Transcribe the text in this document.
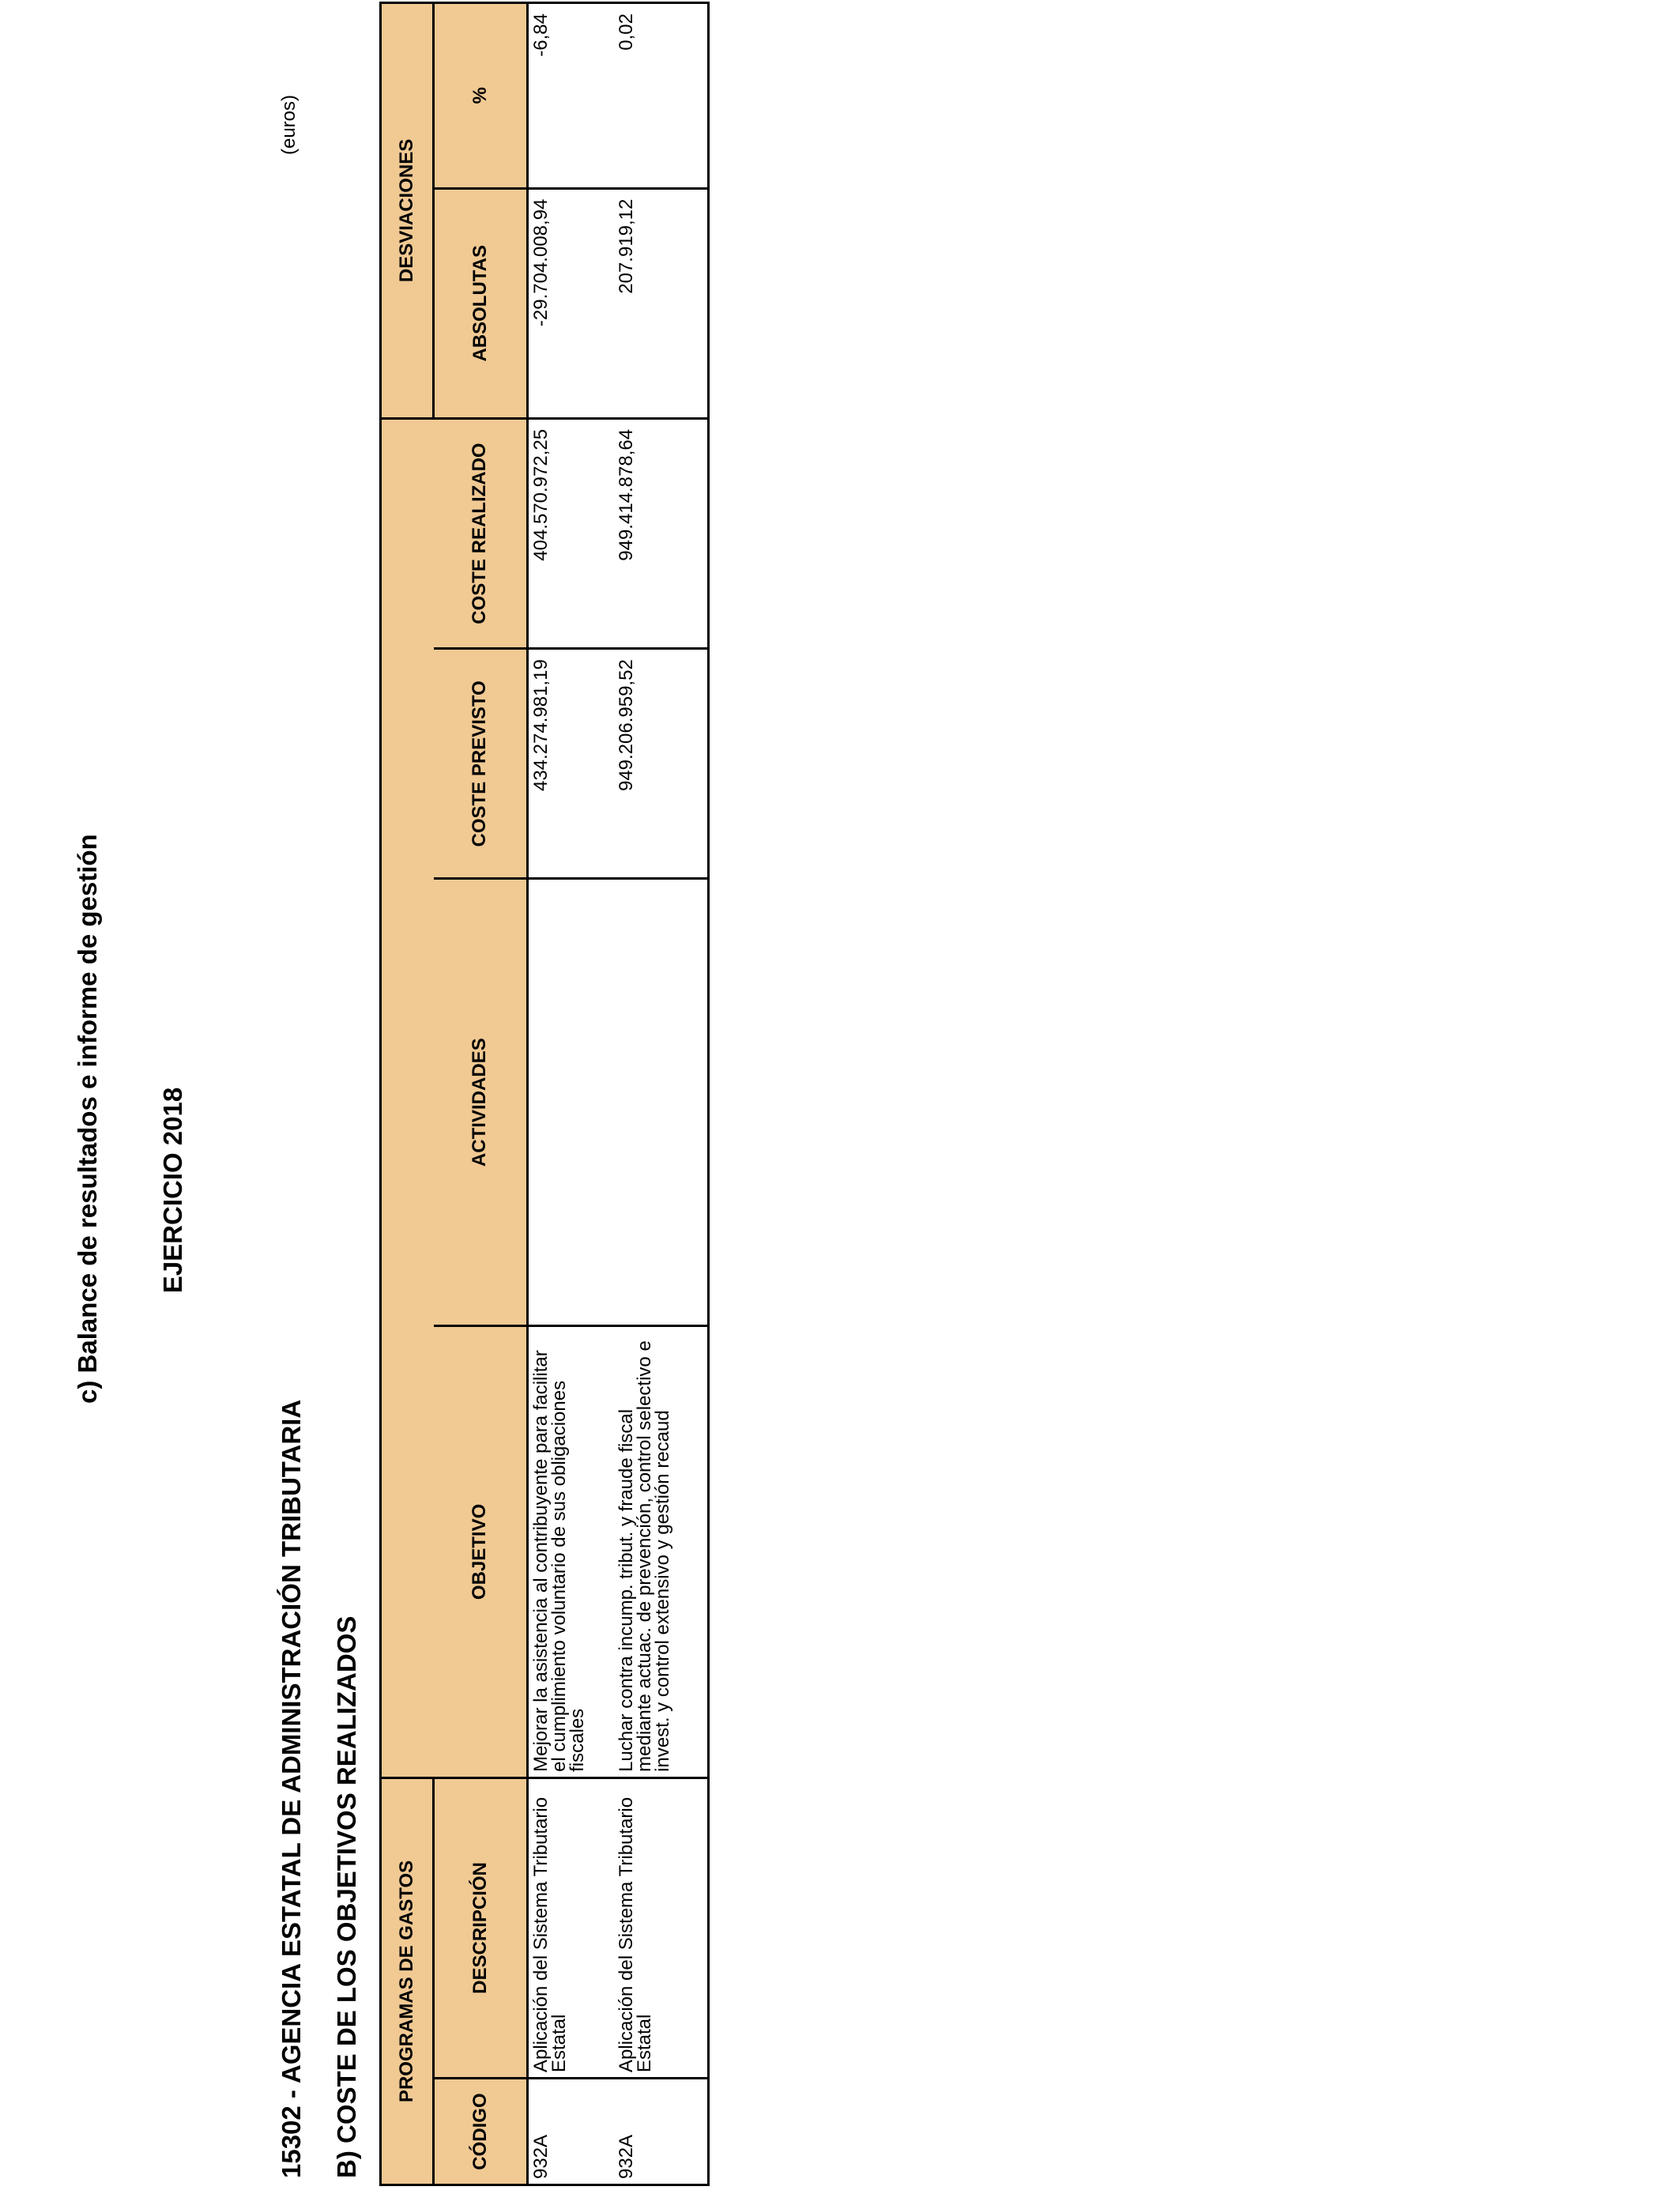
c) Balance de resultados e informe de gestión EJERCICIO 2018
15302 - AGENCIA ESTATAL DE ADMINISTRACIÓN TRIBUTARIA B) COSTE DE LOS OBJETIVOS REALIZADOS
(euros)
PROGRAMAS DE GASTOS						DESVIACIONES	
CÓDIGO	DESCRIPCIÓN	OBJETIVO	ACTIVIDADES	COSTE PREVISTO	COSTE REALIZADO	ABSOLUTAS	%
932A	Aplicación del Sistema Tributario Estatal	Mejorar la asistencia al contribuyente para facilitar el cumplimiento voluntario de sus obligaciones fiscales		434.274.981,19	404.570.972,25	-29.704.008,94	-6,84
932A	Aplicación del Sistema Tributario Estatal	Luchar contra incump. tribut. y fraude fiscal mediante actuac. de prevención, control selectivo e invest. y control extensivo y gestión recaud		949.206.959,52	949.414.878,64	207.919,12	0,02
